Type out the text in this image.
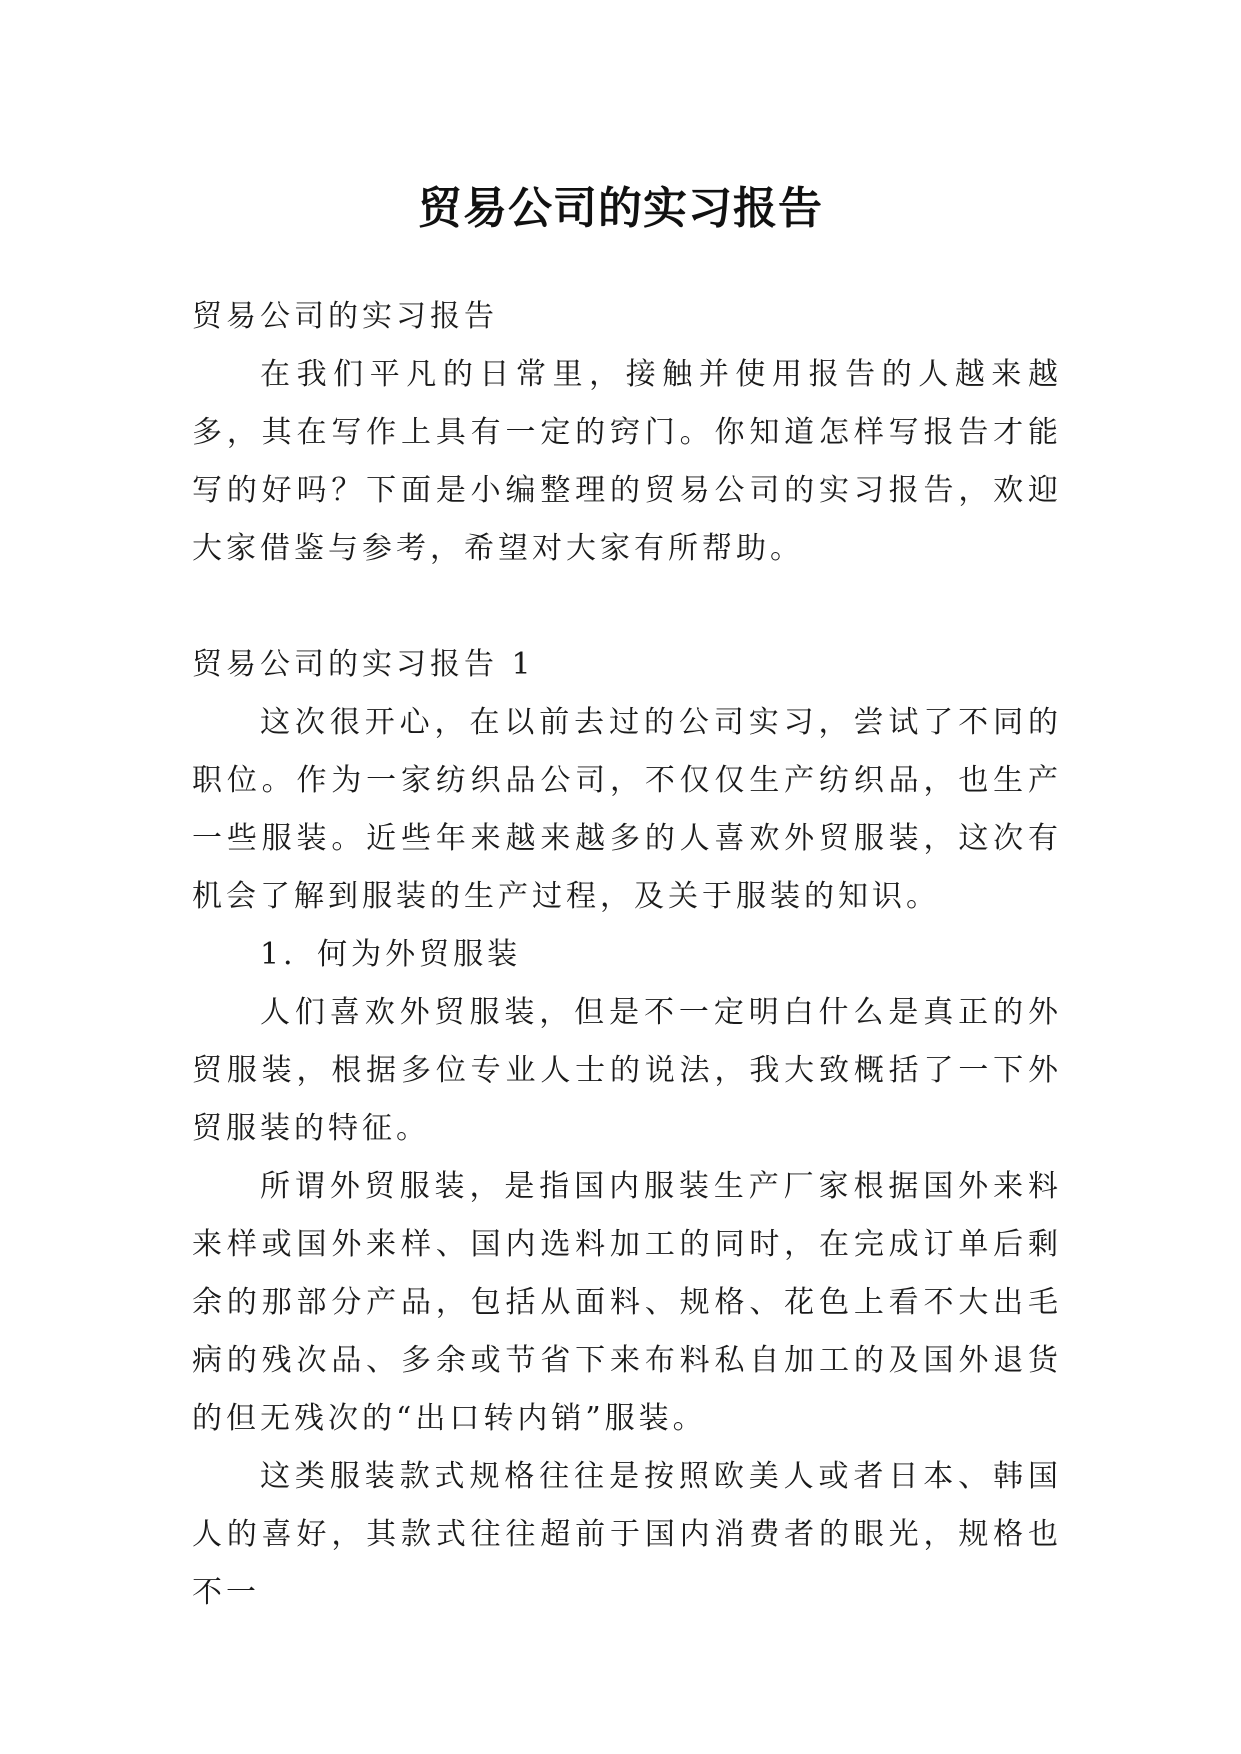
贸易公司的实习报告

贸易公司的实习报告

在我们平凡的日常里，接触并使用报告的人越来越多，其在写作上具有一定的窍门。你知道怎样写报告才能写的好吗？下面是小编整理的贸易公司的实习报告，欢迎大家借鉴与参考，希望对大家有所帮助。

贸易公司的实习报告 1

这次很开心，在以前去过的公司实习，尝试了不同的职位。作为一家纺织品公司，不仅仅生产纺织品，也生产一些服装。近些年来越来越多的人喜欢外贸服装，这次有机会了解到服装的生产过程，及关于服装的知识。

1．何为外贸服装

人们喜欢外贸服装，但是不一定明白什么是真正的外贸服装，根据多位专业人士的说法，我大致概括了一下外贸服装的特征。

所谓外贸服装，是指国内服装生产厂家根据国外来料来样或国外来样、国内选料加工的同时，在完成订单后剩余的那部分产品，包括从面料、规格、花色上看不大出毛病的残次品、多余或节省下来布料私自加工的及国外退货的但无残次的“出口转内销”服装。

这类服装款式规格往往是按照欧美人或者日本、韩国人的喜好，其款式往往超前于国内消费者的眼光，规格也不一
